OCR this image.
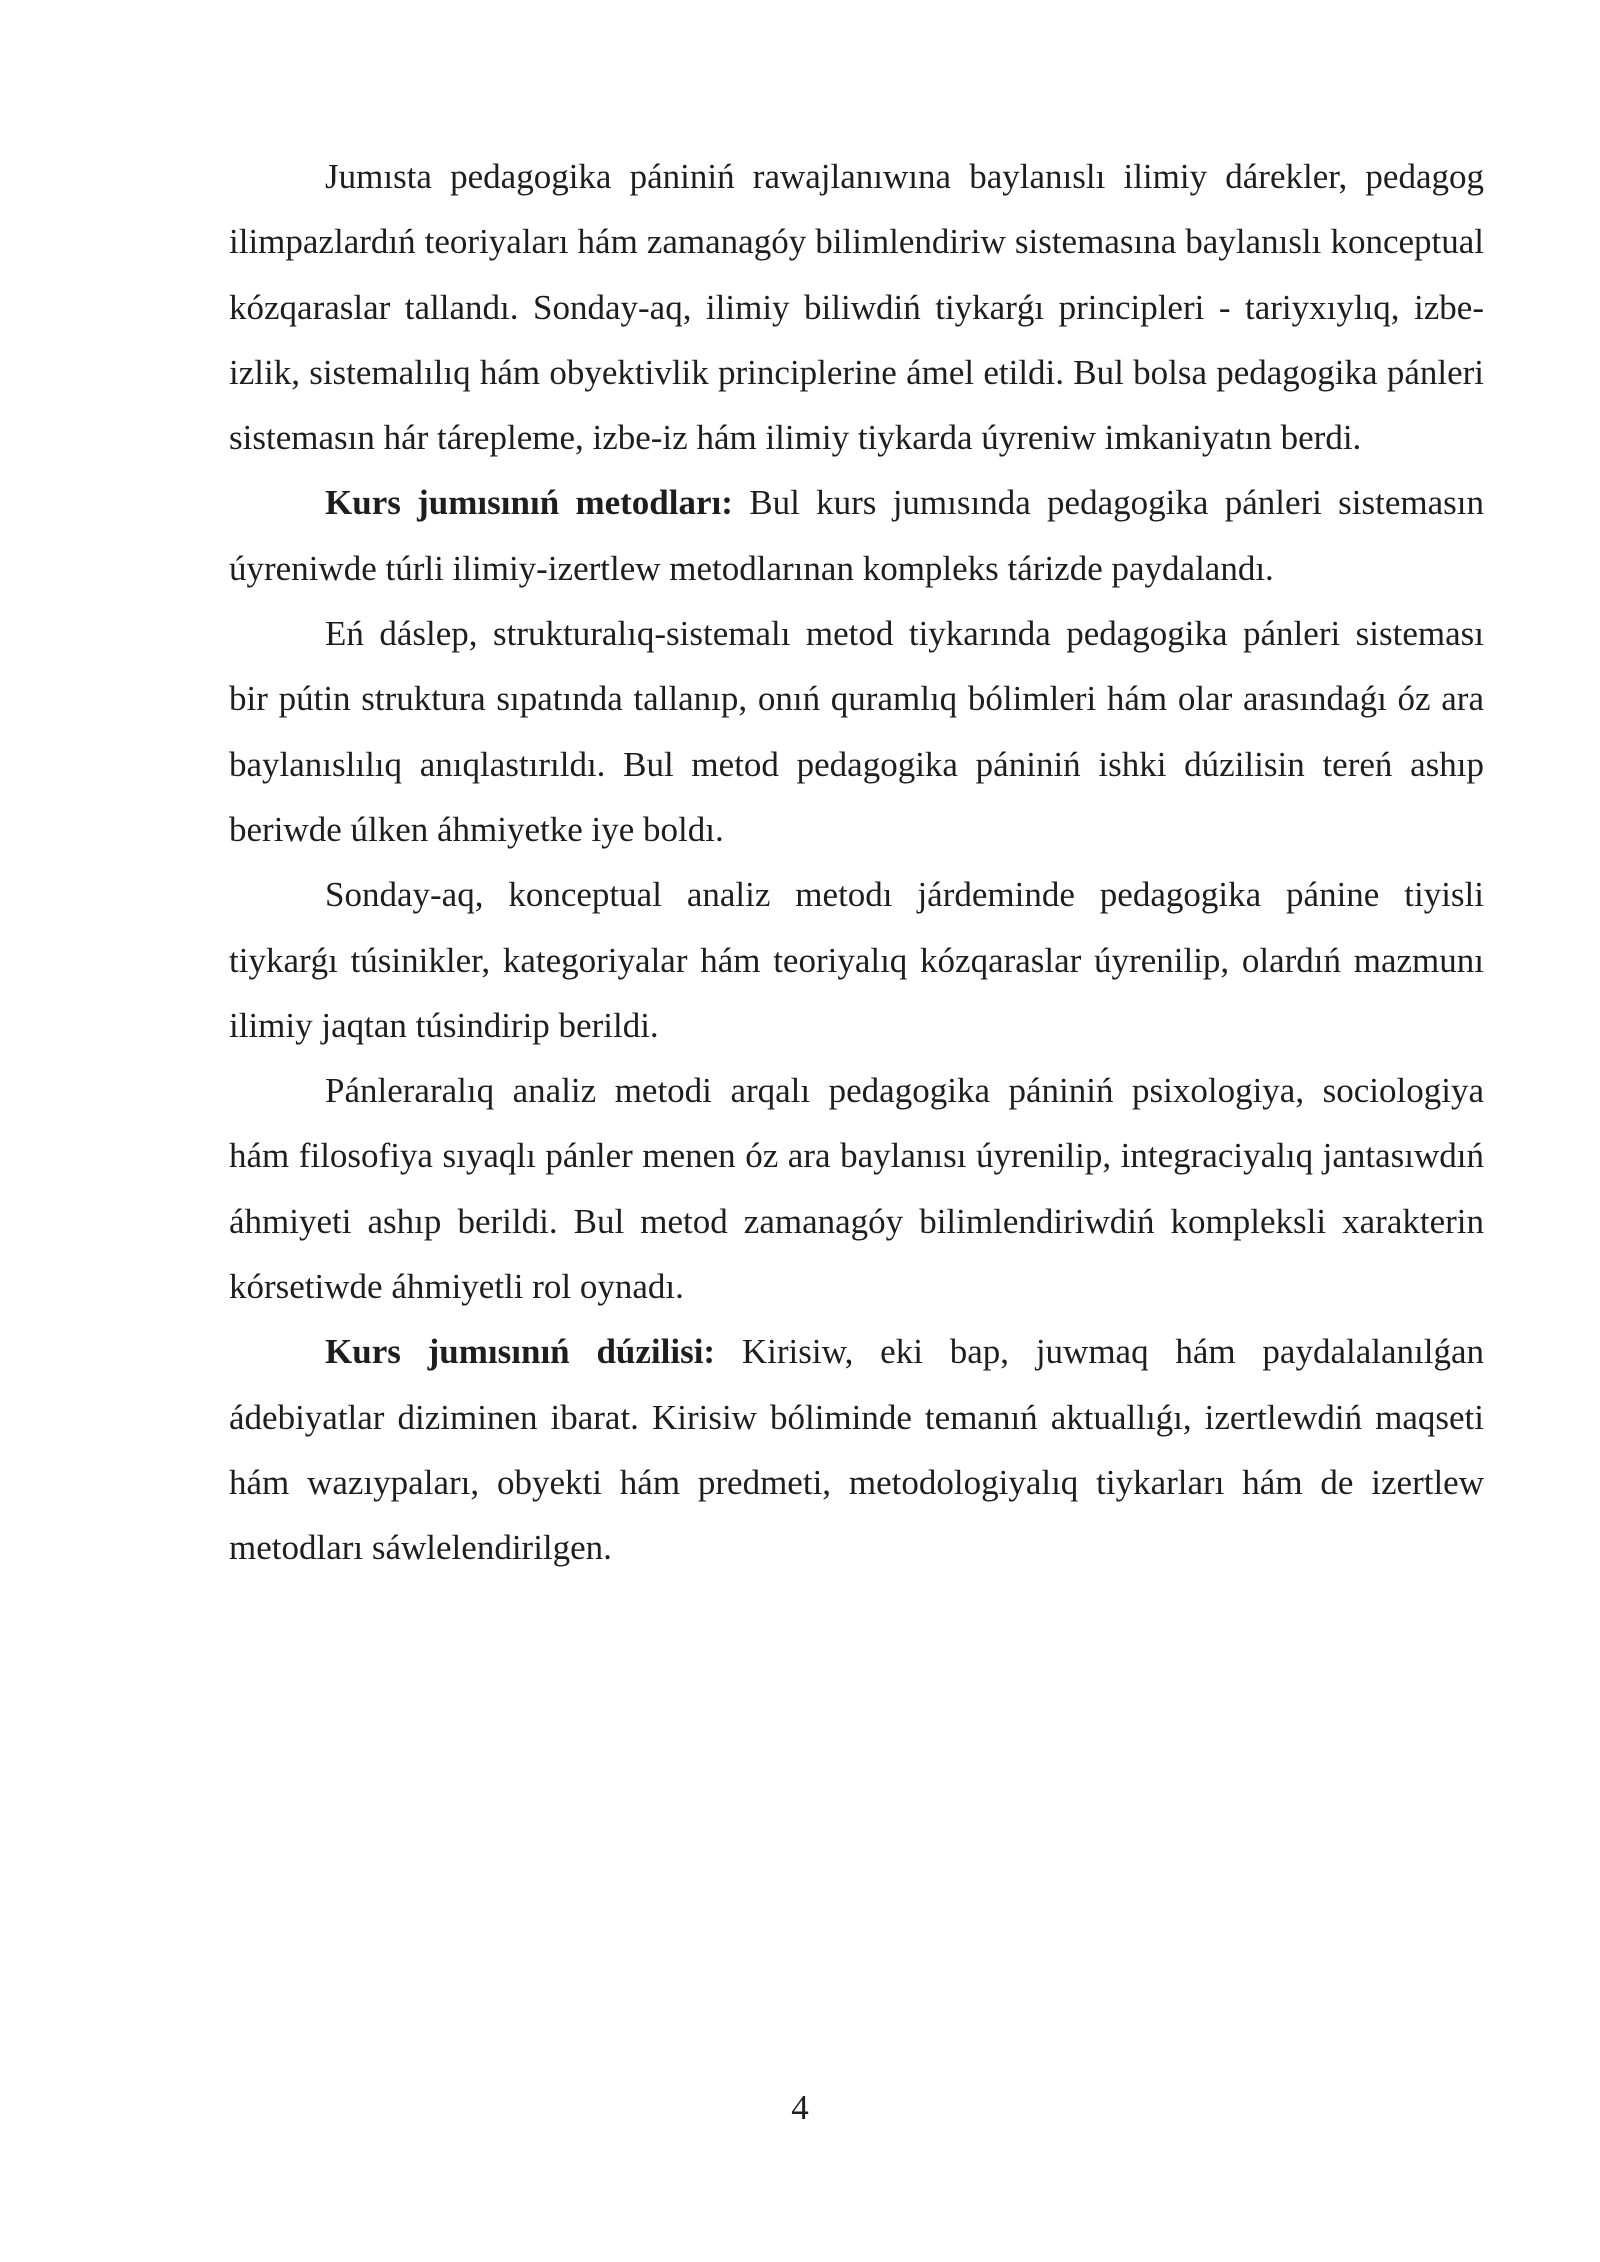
Jumısta pedagogika pániniń rawajlanıwına baylanıslı ilimiy dárekler, pedagog ilimpazlardıń teoriyaları hám zamanagóy bilimlendiriw sistemasına baylanıslı konceptual kózqaraslar tallandı. Sonday-aq, ilimiy biliwdiń tiykarǵı principleri - tariyxıylıq, izbe-izlik, sistemalılıq hám obyektivlik principlerine ámel etildi. Bul bolsa pedagogika pánleri sistemasın hár tárepleme, izbe-iz hám ilimiy tiykarda úyreniw imkaniyatın berdi.

Kurs jumısınıń metodları: Bul kurs jumısında pedagogika pánleri sistemasın úyreniwde túrli ilimiy-izertlew metodlarınan kompleks tárizde paydalandı.

Eń dáslep, strukturalıq-sistemalı metod tiykarında pedagogika pánleri sisteması bir pútin struktura sıpatında tallanıp, onıń quramlıq bólimleri hám olar arasındaǵı óz ara baylanıslılıq anıqlastırıldı. Bul metod pedagogika pániniń ishki dúzilisin tereń ashıp beriwde úlken áhmiyetke iye boldı.

Sonday-aq, konceptual analiz metodı járdeminde pedagogika pánine tiyisli tiykarǵı túsinikler, kategoriyalar hám teoriyalıq kózqaraslar úyrenilip, olardıń mazmunı ilimiy jaqtan túsindirip berildi.

Pánleraralıq analiz metodi arqalı pedagogika pániniń psixologiya, sociologiya hám filosofiya sıyaqlı pánler menen óz ara baylanısı úyrenilip, integraciyalıq jantasıwdıń áhmiyeti ashıp berildi. Bul metod zamanagóy bilimlendiriwdiń kompleksli xarakterin kórsetiwde áhmiyetli rol oynadı.

Kurs jumısınıń dúzilisi: Kirisiw, eki bap, juwmaq hám paydalalanılǵan ádebiyatlar diziminen ibarat. Kirisiw bóliminde temanıń aktuallıǵı, izertlewdiń maqseti hám wazıypaları, obyekti hám predmeti, metodologiyalıq tiykarları hám de izertlew metodları sáwlelendirilgen.

4
